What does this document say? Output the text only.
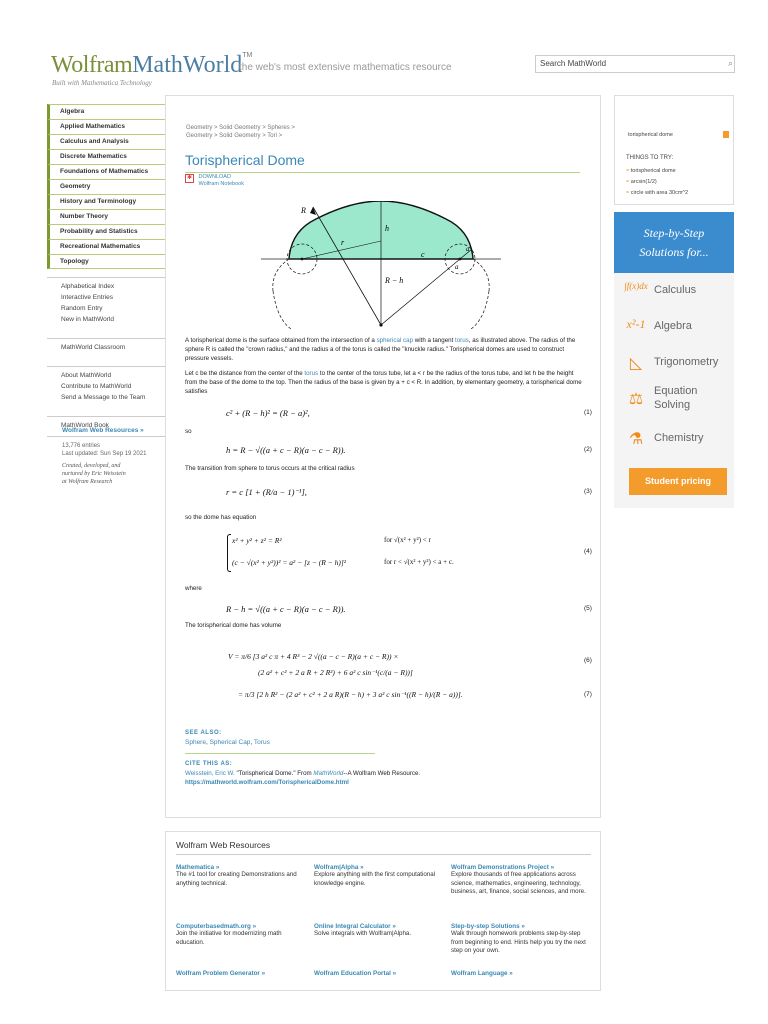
WolframMathWorld™
Built with Mathematica Technology
the web's most extensive mathematics resource	Search MathWorld	⌕
Algebra
Applied Mathematics
Calculus and Analysis
Discrete Mathematics
Foundations of Mathematics
Geometry
History and Terminology
Number Theory
Probability and Statistics
Recreational Mathematics
Topology
Alphabetical Index
Interactive Entries
Random Entry
New in MathWorld
MathWorld Classroom
About MathWorld
Contribute to MathWorld
Send a Message to the Team
MathWorld Book
Wolfram Web Resources »
13,776 entries
Last updated: Sun Sep 19 2021
Created, developed, and
nurtured by Eric Weisstein
at Wolfram Research
Geometry > Solid Geometry > Spheres >
Geometry > Solid Geometry > Tori >
Torispherical Dome
✱ DOWNLOAD
Wolfram Notebook
R
r
h
c
a
a
R − h
A torispherical dome is the surface obtained from the intersection of a spherical cap with a tangent torus, as illustrated above. The radius of the sphere R is called the "crown radius," and the radius a of the torus is called the "knuckle radius." Torispherical domes are used to construct pressure vessels.
Let c be the distance from the center of the torus to the center of the torus tube, let a < r be the radius of the torus tube, and let h be the height from the base of the dome to the top. Then the radius of the base is given by a + c < R. In addition, by elementary geometry, a torispherical dome satisfies
c² + (R − h)² = (R − a)²,	(1)
so
h = R − √((a + c − R)(a − c − R)).	(2)
The transition from sphere to torus occurs at the critical radius
r = c [1 + (R/a − 1)⁻¹],	(3)
so the dome has equation
x² + y² + z² = R²	for √(x² + y²) < r
(c − √(x² + y²))² = a² − [z − (R − h)]²	for r < √(x² + y²) < a + c.
(4)
where
R − h = √((a + c − R)(a − c − R)).	(5)
The torispherical dome has volume
V = π/6 [3 a² c π + 4 R³ − 2 √((a − c − R)(a + c − R)) ×
(2 a² + c² + 2 a R + 2 R²) + 6 a² c sin⁻¹(c/(a − R))]
(6)
= π/3 [2 h R² − (2 a² + c² + 2 a R)(R − h) + 3 a² c sin⁻¹((R − h)/(R − a))].	(7)
SEE ALSO:
Sphere, Spherical Cap, Torus
CITE THIS AS:
Weisstein, Eric W. "Torispherical Dome." From MathWorld--A Wolfram Web Resource.
https://mathworld.wolfram.com/TorisphericalDome.html
torispherical dome
THINGS TO TRY:
= torispherical dome
= arcsin(1/2)
= circle with area 30cm^2
Step-by-Step
Solutions for...
∫f(x)dx Calculus
x²-1 Algebra
◺	Trigonometry
⚖ Equation Solving
⚗ Chemistry
Student pricing
Wolfram Web Resources
Mathematica »
The #1 tool for creating Demonstrations and anything technical.
Wolfram|Alpha »
Explore anything with the first computational knowledge engine.
Wolfram Demonstrations Project »
Explore thousands of free applications across science, mathematics, engineering, technology, business, art, finance, social sciences, and more.
Computerbasedmath.org »
Join the initiative for modernizing math education.
Online Integral Calculator »
Solve integrals with Wolfram|Alpha.
Step-by-step Solutions »
Walk through homework problems step-by-step from beginning to end. Hints help you try the next step on your own.
Wolfram Problem Generator »	Wolfram Education Portal »	Wolfram Language »
